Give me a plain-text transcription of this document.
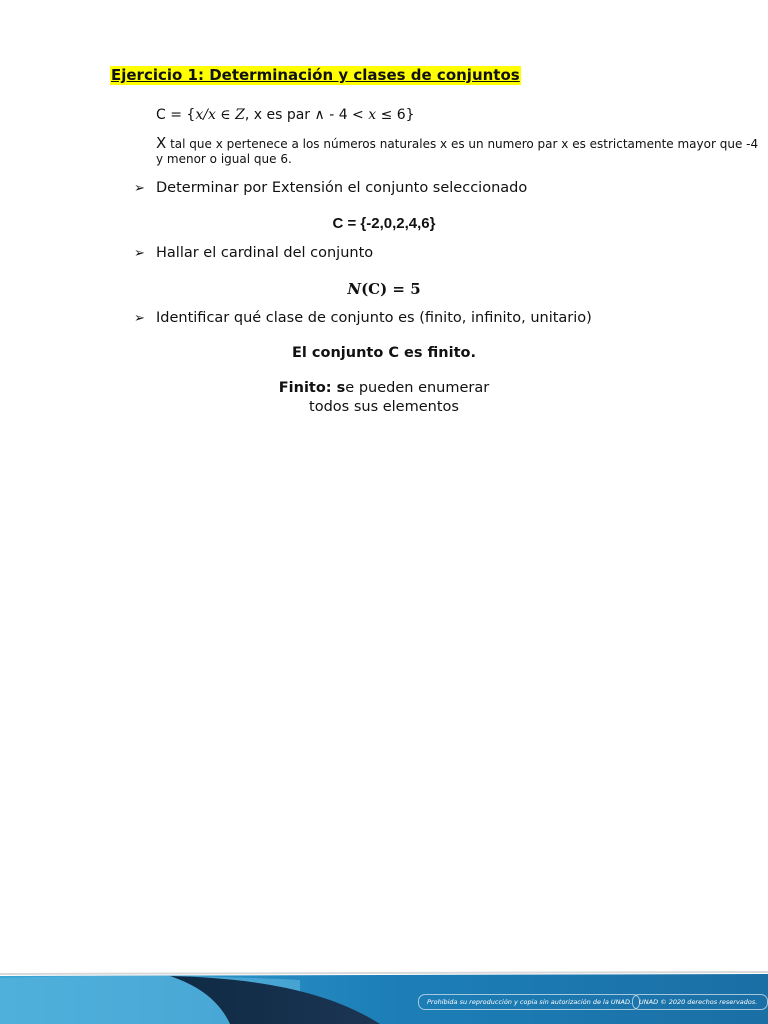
Ejercicio 1: Determinación y clases de conjuntos
C = {x/x ∈ Z, x es par ∧ - 4 < x ≤ 6}
X tal que x pertenece a los números naturales x es un numero par x es estrictamente mayor que -4 y menor o igual que 6.
➢ Determinar por Extensión el conjunto seleccionado
C = {-2,0,2,4,6}
➢ Hallar el cardinal del conjunto
N(C) = 5
➢ Identificar qué clase de conjunto es (finito, infinito, unitario)
El conjunto C es finito.
Finito: se pueden enumerar
todos sus elementos
Prohibida su reproducción y copia sin autorización de la UNAD.	UNAD © 2020 derechos reservados.
